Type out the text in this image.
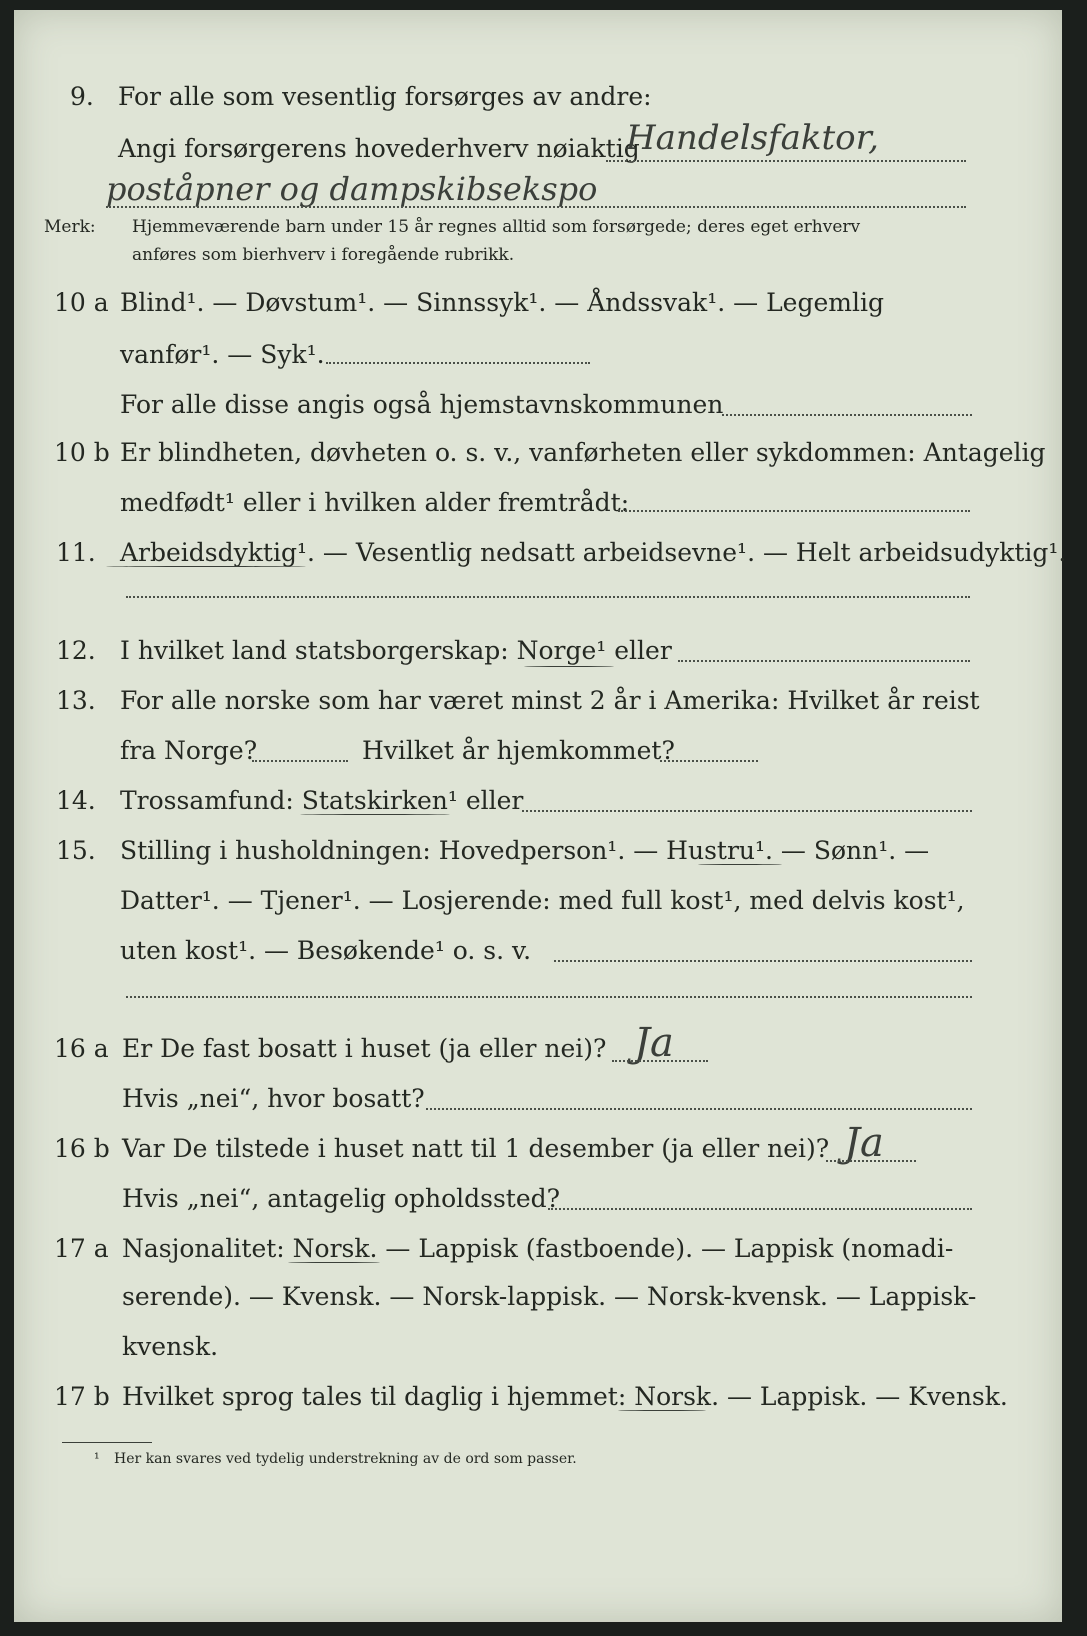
9. For alle som vesentlig forsørges av andre:
Angi forsørgerens hovederhverv nøiaktig
Handelsfaktor,
poståpner og dampskibsekspo
Merk: Hjemmeværende barn under 15 år regnes alltid som forsørgede; deres eget erhverv
anføres som bierhverv i foregående rubrikk.
10 a Blind¹. — Døvstum¹. — Sinnssyk¹. — Åndssvak¹. — Legemlig
vanfør¹. — Syk¹.
For alle disse angis også hjemstavnskommunen
10 b Er blindheten, døvheten o. s. v., vanførheten eller sykdommen: Antagelig
medfødt¹ eller i hvilken alder fremtrådt:
11. Arbeidsdyktig¹. — Vesentlig nedsatt arbeidsevne¹. — Helt arbeidsudyktig¹.
12. I hvilket land statsborgerskap: Norge¹ eller
13. For alle norske som har været minst 2 år i Amerika: Hvilket år reist
fra Norge?	Hvilket år hjemkommet?
14. Trossamfund: Statskirken¹ eller
15. Stilling i husholdningen: Hovedperson¹. — Hustru¹. — Sønn¹. —
Datter¹. — Tjener¹. — Losjerende: med full kost¹, med delvis kost¹,
uten kost¹. — Besøkende¹ o. s. v.
16 a Er De fast bosatt i huset (ja eller nei)? Ja
Hvis „nei“, hvor bosatt?
16 b Var De tilstede i huset natt til 1 desember (ja eller nei)? Ja
Hvis „nei“, antagelig opholdssted?
17 a Nasjonalitet: Norsk. — Lappisk (fastboende). — Lappisk (nomadi-
serende). — Kvensk. — Norsk-lappisk. — Norsk-kvensk. — Lappisk-
kvensk.
17 b Hvilket sprog tales til daglig i hjemmet: Norsk. — Lappisk. — Kvensk.
¹ Her kan svares ved tydelig understrekning av de ord som passer.
